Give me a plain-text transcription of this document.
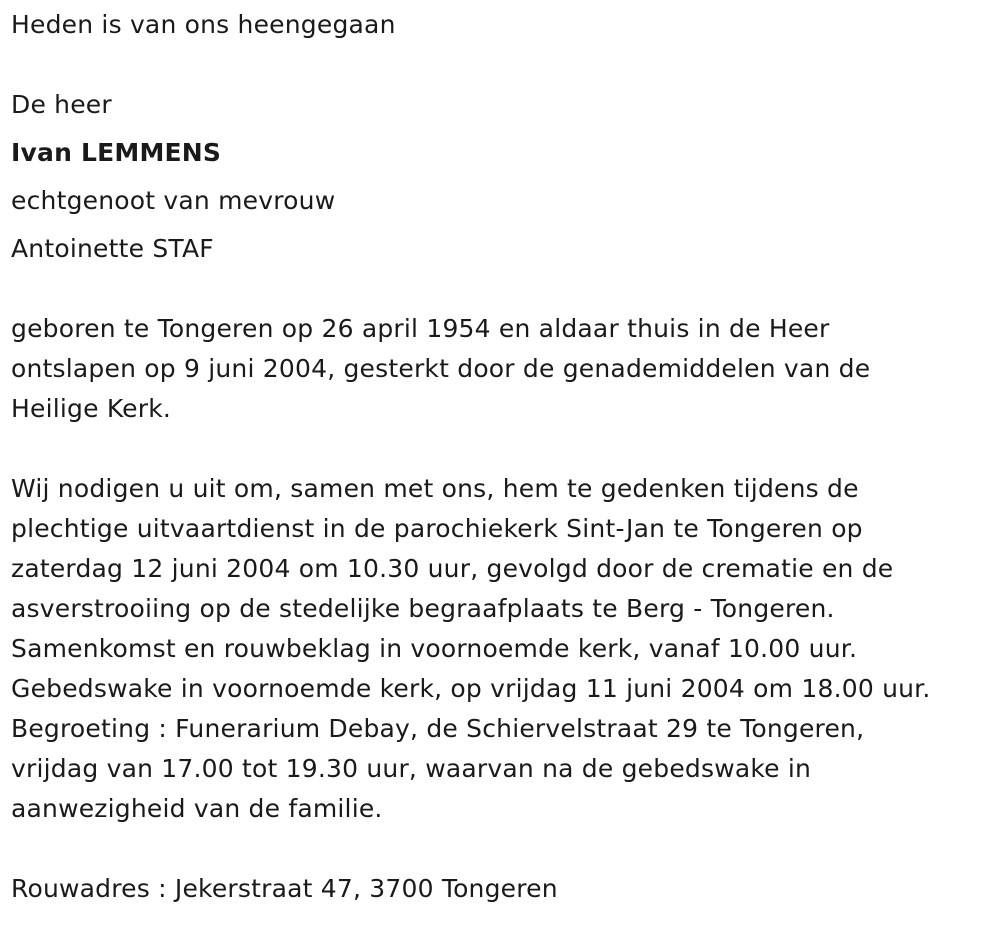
Heden is van ons heengegaan
De heer
Ivan LEMMENS
echtgenoot van mevrouw
Antoinette STAF
geboren te Tongeren op 26 april 1954 en aldaar thuis in de Heer
ontslapen op 9 juni 2004, gesterkt door de genademiddelen van de
Heilige Kerk.
Wij nodigen u uit om, samen met ons, hem te gedenken tijdens de
plechtige uitvaartdienst in de parochiekerk Sint-Jan te Tongeren op
zaterdag 12 juni 2004 om 10.30 uur, gevolgd door de crematie en de
asverstrooiing op de stedelijke begraafplaats te Berg - Tongeren.
Samenkomst en rouwbeklag in voornoemde kerk, vanaf 10.00 uur.
Gebedswake in voornoemde kerk, op vrijdag 11 juni 2004 om 18.00 uur.
Begroeting : Funerarium Debay, de Schiervelstraat 29 te Tongeren,
vrijdag van 17.00 tot 19.30 uur, waarvan na de gebedswake in
aanwezigheid van de familie.
Rouwadres : Jekerstraat 47, 3700 Tongeren
